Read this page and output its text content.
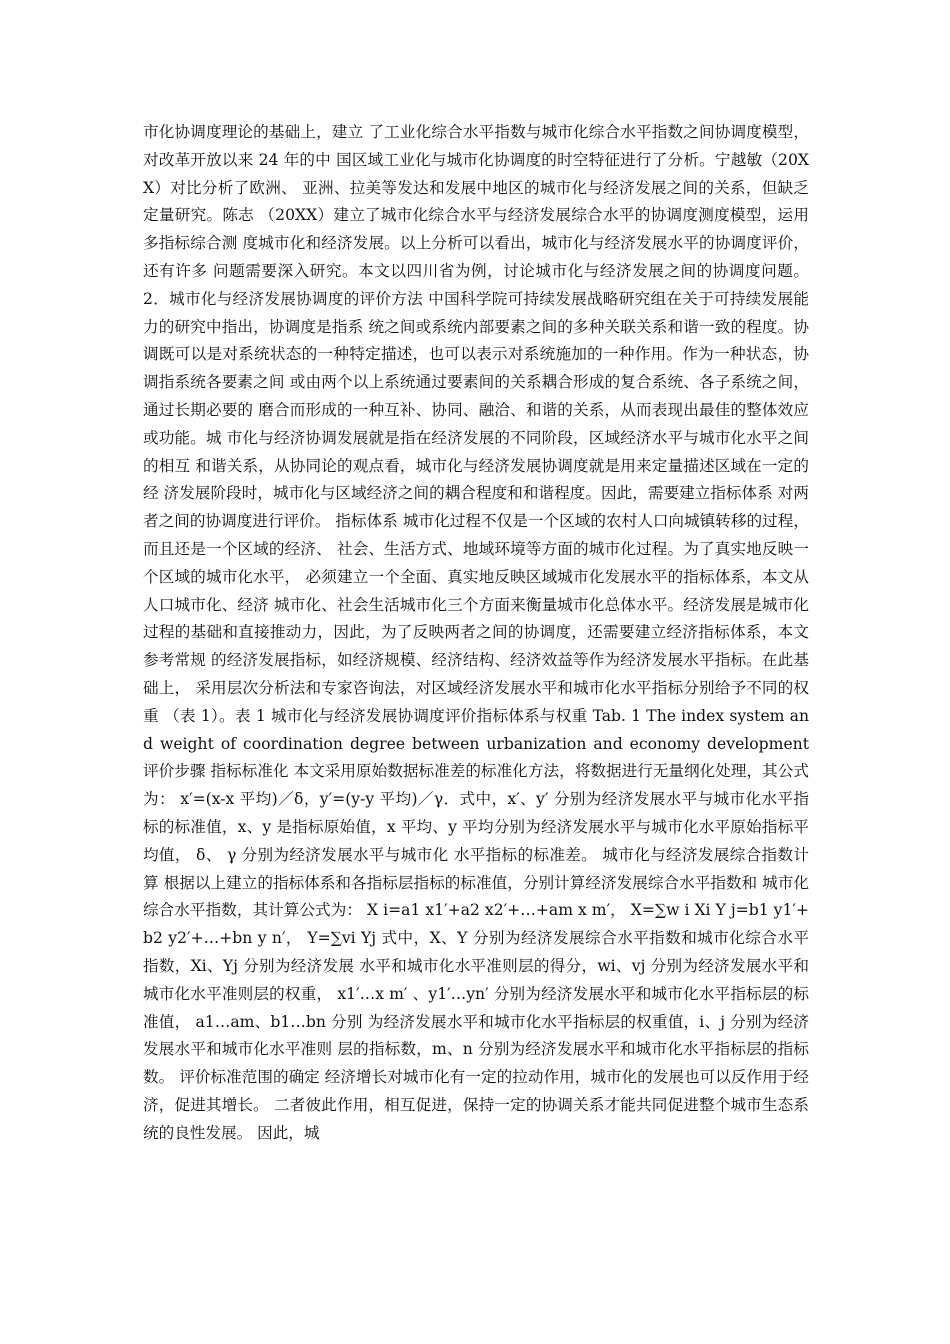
市化协调度理论的基础上，建立 了工业化综合水平指数与城市化综合水平指数之间协调度模型，对改革开放以来 24 年的中 国区域工业化与城市化协调度的时空特征进行了分析。宁越敏（20XX）对比分析了欧洲、 亚洲、拉美等发达和发展中地区的城市化与经济发展之间的关系，但缺乏定量研究。陈志 （20XX）建立了城市化综合水平与经济发展综合水平的协调度测度模型，运用多指标综合测 度城市化和经济发展。以上分析可以看出，城市化与经济发展水平的协调度评价，还有许多 问题需要深入研究。本文以四川省为例，讨论城市化与经济发展之间的协调度问题。 2．城市化与经济发展协调度的评价方法 中国科学院可持续发展战略研究组在关于可持续发展能力的研究中指出，协调度是指系 统之间或系统内部要素之间的多种关联关系和谐一致的程度。协调既可以是对系统状态的一种特定描述，也可以表示对系统施加的一种作用。作为一种状态，协调指系统各要素之间 或由两个以上系统通过要素间的关系耦合形成的复合系统、各子系统之间，通过长期必要的 磨合而形成的一种互补、协同、融洽、和谐的关系，从而表现出最佳的整体效应或功能。城 市化与经济协调发展就是指在经济发展的不同阶段，区域经济水平与城市化水平之间的相互 和谐关系，从协同论的观点看，城市化与经济发展协调度就是用来定量描述区域在一定的经 济发展阶段时，城市化与区域经济之间的耦合程度和和谐程度。因此，需要建立指标体系 对两者之间的协调度进行评价。 指标体系 城市化过程不仅是一个区域的农村人口向城镇转移的过程，而且还是一个区域的经济、 社会、生活方式、地域环境等方面的城市化过程。为了真实地反映一个区域的城市化水平， 必须建立一个全面、真实地反映区域城市化发展水平的指标体系，本文从人口城市化、经济 城市化、社会生活城市化三个方面来衡量城市化总体水平。经济发展是城市化过程的基础和直接推动力，因此，为了反映两者之间的协调度，还需要建立经济指标体系，本文参考常规 的经济发展指标，如经济规模、经济结构、经济效益等作为经济发展水平指标。在此基础上， 采用层次分析法和专家咨询法，对区域经济发展水平和城市化水平指标分别给予不同的权重 （表 1）。表 1 城市化与经济发展协调度评价指标体系与权重 Tab. 1 The index system and weight of coordination degree between urbanization and economy development 评价步骤 指标标准化 本文采用原始数据标准差的标准化方法，将数据进行无量纲化处理，其公式为： x′=(x-x 平均)／δ，y′=(y-y 平均)／γ．式中，x′、y′ 分别为经济发展水平与城市化水平指标的标准值，x、y 是指标原始值，x 平均、y 平均分别为经济发展水平与城市化水平原始指标平均值， δ、 γ 分别为经济发展水平与城市化 水平指标的标准差。 城市化与经济发展综合指数计算 根据以上建立的指标体系和各指标层指标的标准值，分别计算经济发展综合水平指数和 城市化综合水平指数，其计算公式为： X i=a1 x1′+a2 x2′+…+am x m′， X=∑w i Xi Y j=b1 y1′+b2 y2′+…+bn y n′， Y=∑vi Yj 式中，X、Y 分别为经济发展综合水平指数和城市化综合水平指数，Xi、Yj 分别为经济发展 水平和城市化水平准则层的得分，wi、vj 分别为经济发展水平和城市化水平准则层的权重， x1′…x m′ 、y1′…yn′ 分别为经济发展水平和城市化水平指标层的标准值， a1…am、b1…bn 分别 为经济发展水平和城市化水平指标层的权重值，i、j 分别为经济发展水平和城市化水平准则 层的指标数，m、n 分别为经济发展水平和城市化水平指标层的指标数。 评价标准范围的确定 经济增长对城市化有一定的拉动作用，城市化的发展也可以反作用于经济，促进其增长。 二者彼此作用，相互促进，保持一定的协调关系才能共同促进整个城市生态系统的良性发展。 因此，城
